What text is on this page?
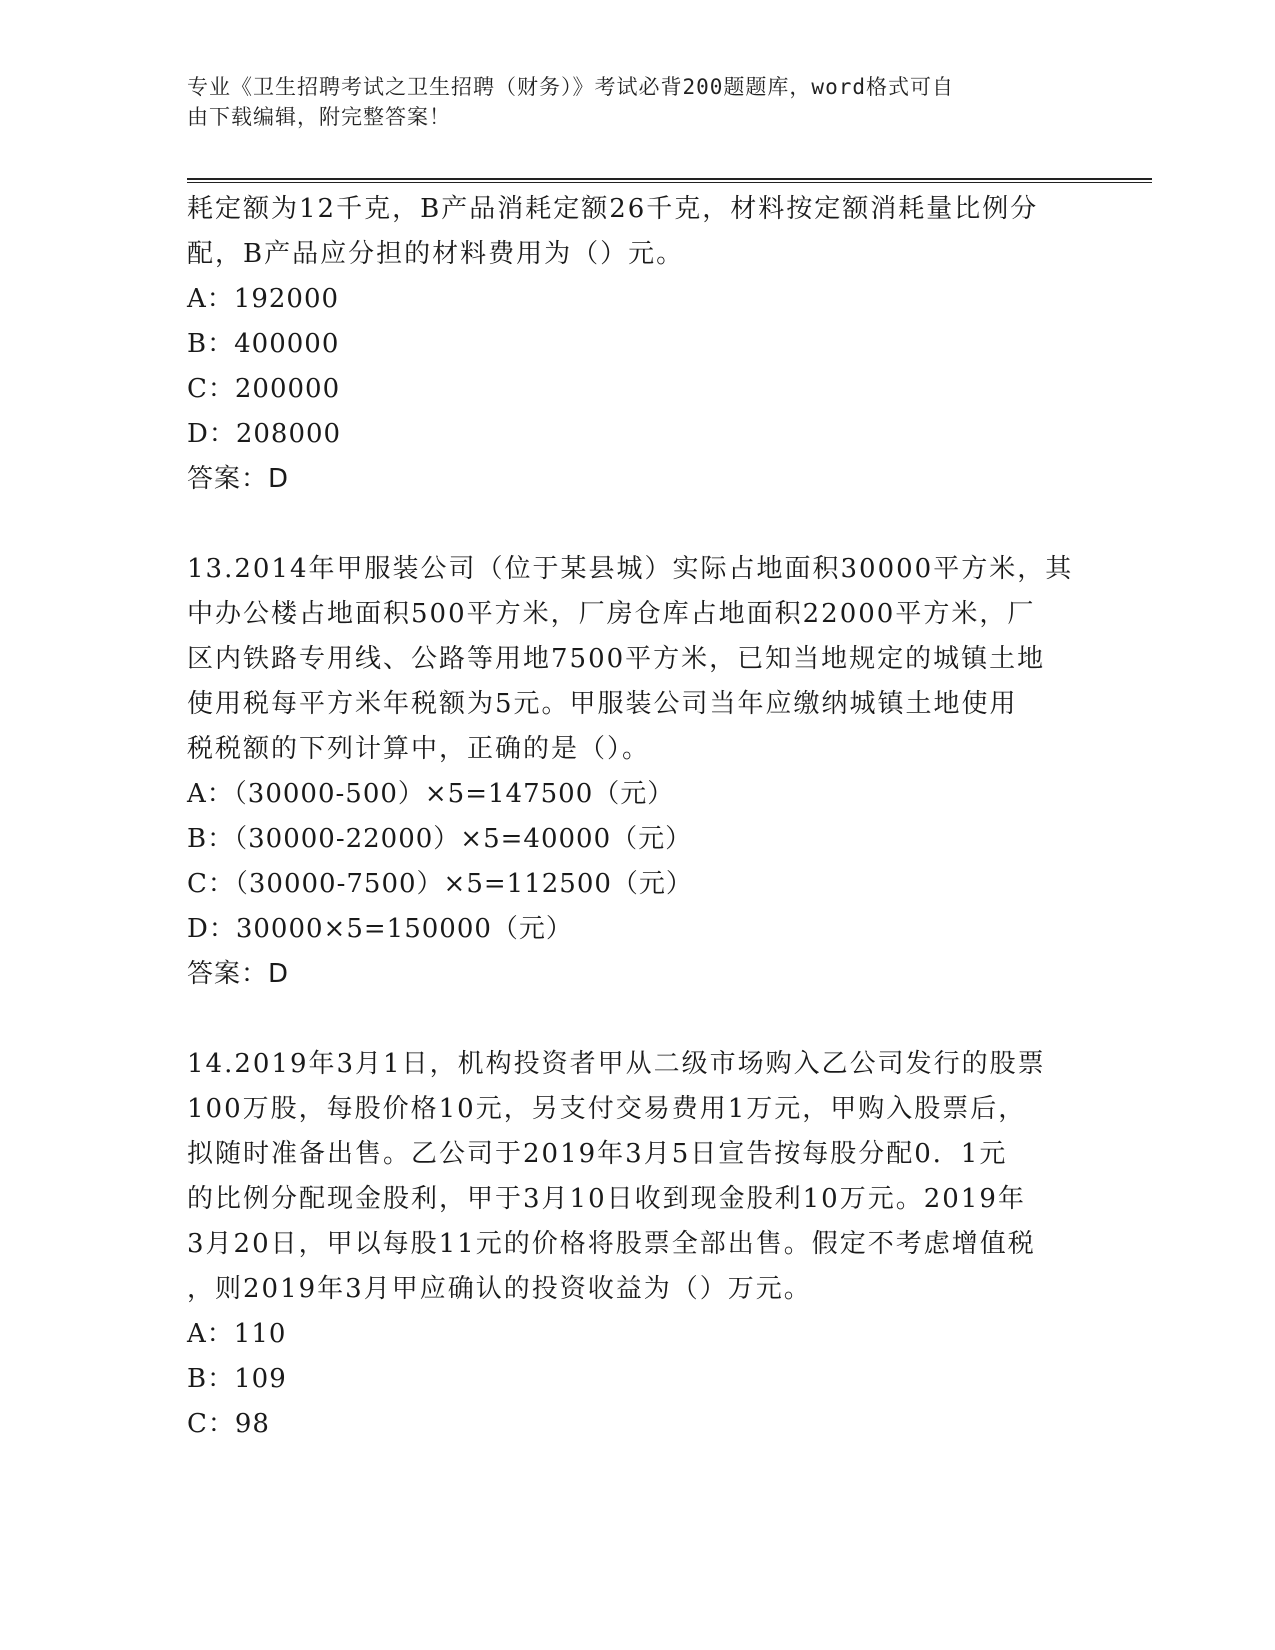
专业《卫生招聘考试之卫生招聘（财务）》考试必背200题题库，word格式可自
由下载编辑，附完整答案！

耗定额为12千克，B产品消耗定额26千克，材料按定额消耗量比例分

配，B产品应分担的材料费用为（）元。

A：192000

B：400000

C：200000

D：208000

答案：D

13.2014年甲服装公司（位于某县城）实际占地面积30000平方米，其

中办公楼占地面积500平方米，厂房仓库占地面积22000平方米，厂

区内铁路专用线、公路等用地7500平方米，已知当地规定的城镇土地

使用税每平方米年税额为5元。甲服装公司当年应缴纳城镇土地使用

税税额的下列计算中，正确的是（）。

A：（30000-500）×5=147500（元）

B：（30000-22000）×5=40000（元）

C：（30000-7500）×5=112500（元）

D：30000×5=150000（元）

答案：D

14.2019年3月1日，机构投资者甲从二级市场购入乙公司发行的股票

100万股，每股价格10元，另支付交易费用1万元，甲购入股票后，

拟随时准备出售。乙公司于2019年3月5日宣告按每股分配0．1元

的比例分配现金股利，甲于3月10日收到现金股利10万元。2019年

3月20日，甲以每股11元的价格将股票全部出售。假定不考虑增值税

，则2019年3月甲应确认的投资收益为（）万元。

A：110

B：109

C：98
